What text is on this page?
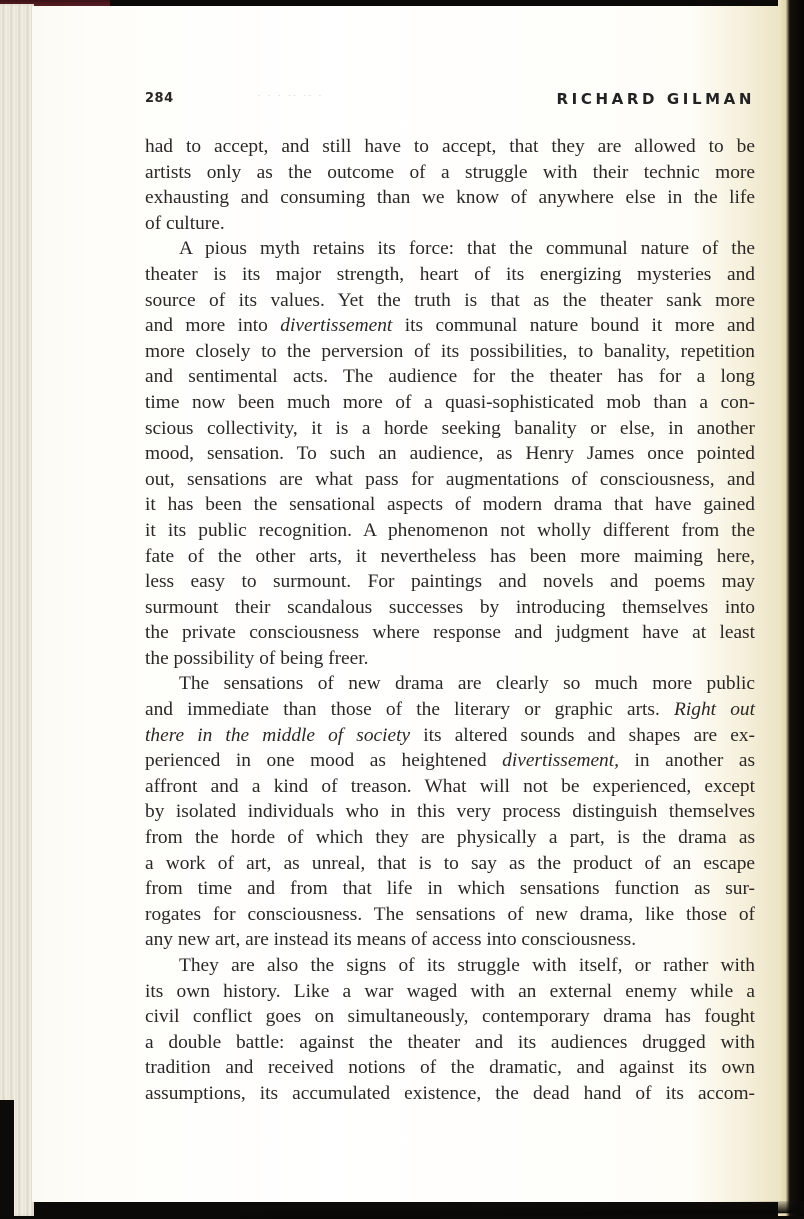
284	- - - -- -- -	RICHARD GILMAN
had to accept, and still have to accept, that they are allowed to be
artists only as the outcome of a struggle with their technic more
exhausting and consuming than we know of anywhere else in the life
of culture.
A pious myth retains its force: that the communal nature of the
theater is its major strength, heart of its energizing mysteries and
source of its values. Yet the truth is that as the theater sank more
and more into divertissement its communal nature bound it more and
more closely to the perversion of its possibilities, to banality, repetition
and sentimental acts. The audience for the theater has for a long
time now been much more of a quasi-sophisticated mob than a con-
scious collectivity, it is a horde seeking banality or else, in another
mood, sensation. To such an audience, as Henry James once pointed
out, sensations are what pass for augmentations of consciousness, and
it has been the sensational aspects of modern drama that have gained
it its public recognition. A phenomenon not wholly different from the
fate of the other arts, it nevertheless has been more maiming here,
less easy to surmount. For paintings and novels and poems may
surmount their scandalous successes by introducing themselves into
the private consciousness where response and judgment have at least
the possibility of being freer.
The sensations of new drama are clearly so much more public
and immediate than those of the literary or graphic arts. Right out
there in the middle of society its altered sounds and shapes are ex-
perienced in one mood as heightened divertissement, in another as
affront and a kind of treason. What will not be experienced, except
by isolated individuals who in this very process distinguish themselves
from the horde of which they are physically a part, is the drama as
a work of art, as unreal, that is to say as the product of an escape
from time and from that life in which sensations function as sur-
rogates for consciousness. The sensations of new drama, like those of
any new art, are instead its means of access into consciousness.
They are also the signs of its struggle with itself, or rather with
its own history. Like a war waged with an external enemy while a
civil conflict goes on simultaneously, contemporary drama has fought
a double battle: against the theater and its audiences drugged with
tradition and received notions of the dramatic, and against its own
assumptions, its accumulated existence, the dead hand of its accom-
